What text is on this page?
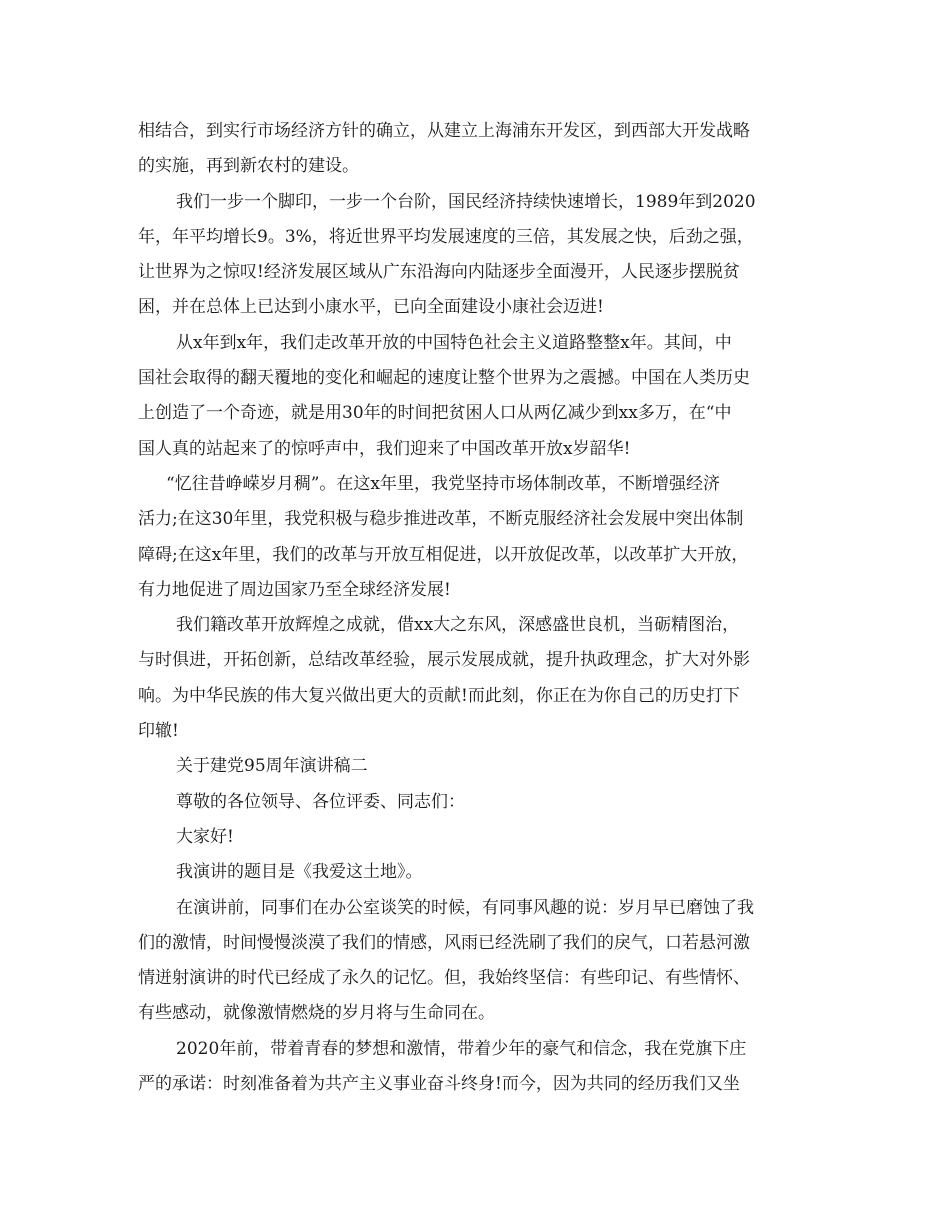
相结合，到实行市场经济方针的确立，从建立上海浦东开发区，到西部大开发战略
的实施，再到新农村的建设。
我们一步一个脚印，一步一个台阶，国民经济持续快速增长，1989年到2020
年，年平均增长9。3%，将近世界平均发展速度的三倍，其发展之快，后劲之强，
让世界为之惊叹!经济发展区域从广东沿海向内陆逐步全面漫开，人民逐步摆脱贫
困，并在总体上已达到小康水平，已向全面建设小康社会迈进!
从x年到x年，我们走改革开放的中国特色社会主义道路整整x年。其间，中
国社会取得的翻天覆地的变化和崛起的速度让整个世界为之震撼。中国在人类历史
上创造了一个奇迹，就是用30年的时间把贫困人口从两亿减少到xx多万，在“中
国人真的站起来了的惊呼声中，我们迎来了中国改革开放x岁韶华!
“忆往昔峥嵘岁月稠”。在这x年里，我党坚持市场体制改革，不断增强经济
活力;在这30年里，我党积极与稳步推进改革，不断克服经济社会发展中突出体制
障碍;在这x年里，我们的改革与开放互相促进，以开放促改革，以改革扩大开放，
有力地促进了周边国家乃至全球经济发展!
我们籍改革开放辉煌之成就，借xx大之东风，深感盛世良机，当砺精图治，
与时俱进，开拓创新，总结改革经验，展示发展成就，提升执政理念，扩大对外影
响。为中华民族的伟大复兴做出更大的贡献!而此刻，你正在为你自己的历史打下
印辙!
关于建党95周年演讲稿二
尊敬的各位领导、各位评委、同志们：
大家好!
我演讲的题目是《我爱这土地》。
在演讲前，同事们在办公室谈笑的时候，有同事风趣的说：岁月早已磨蚀了我
们的激情，时间慢慢淡漠了我们的情感，风雨已经洗刷了我们的戾气，口若悬河激
情迸射演讲的时代已经成了永久的记忆。但，我始终坚信：有些印记、有些情怀、
有些感动，就像激情燃烧的岁月将与生命同在。
2020年前，带着青春的梦想和激情，带着少年的豪气和信念，我在党旗下庄
严的承诺：时刻准备着为共产主义事业奋斗终身!而今，因为共同的经历我们又坐
